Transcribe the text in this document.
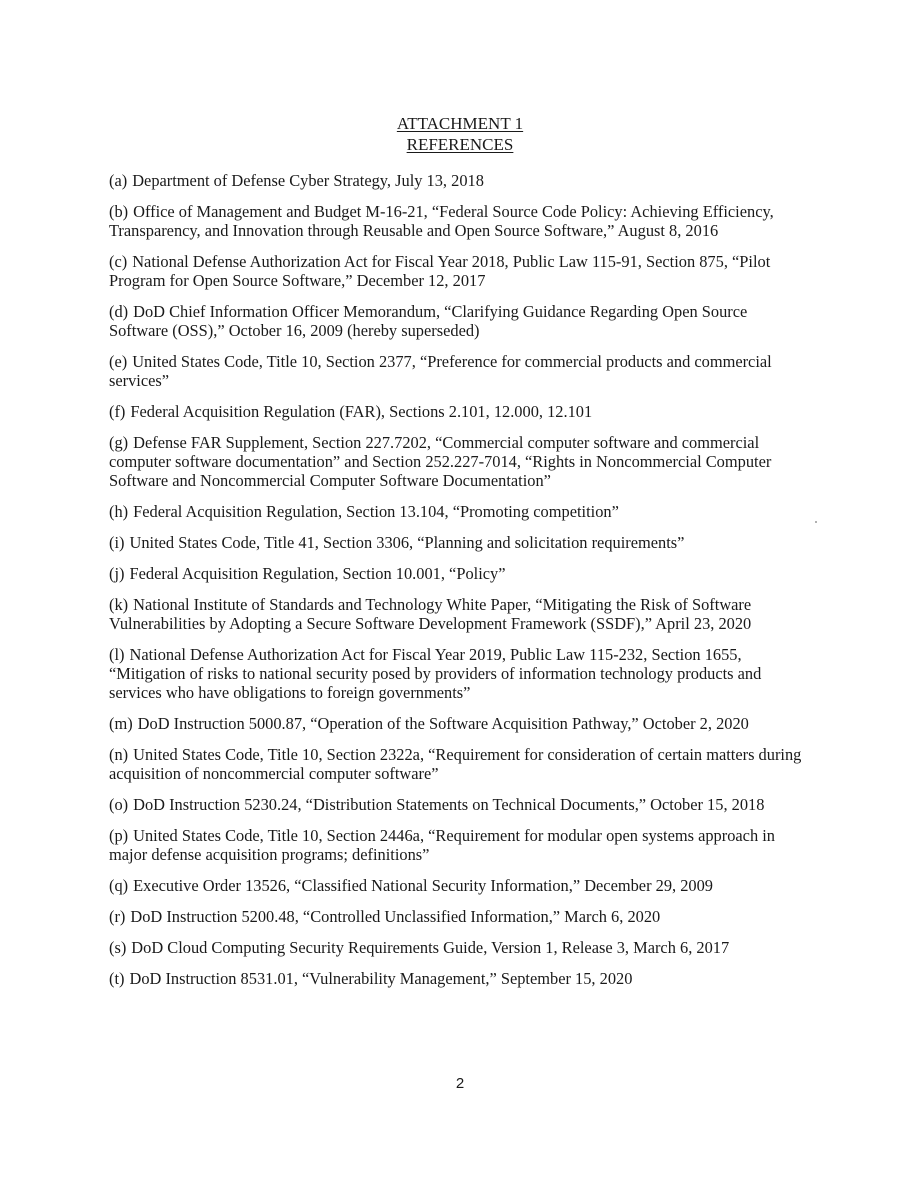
ATTACHMENT 1
REFERENCES

(a) Department of Defense Cyber Strategy, July 13, 2018

(b) Office of Management and Budget M-16-21, “Federal Source Code Policy: Achieving Efficiency, Transparency, and Innovation through Reusable and Open Source Software,” August 8, 2016

(c) National Defense Authorization Act for Fiscal Year 2018, Public Law 115-91, Section 875, “Pilot Program for Open Source Software,” December 12, 2017

(d) DoD Chief Information Officer Memorandum, “Clarifying Guidance Regarding Open Source Software (OSS),” October 16, 2009 (hereby superseded)

(e) United States Code, Title 10, Section 2377, “Preference for commercial products and commercial services”

(f) Federal Acquisition Regulation (FAR), Sections 2.101, 12.000, 12.101

(g) Defense FAR Supplement, Section 227.7202, “Commercial computer software and commercial computer software documentation” and Section 252.227-7014, “Rights in Noncommercial Computer Software and Noncommercial Computer Software Documentation”

(h) Federal Acquisition Regulation, Section 13.104, “Promoting competition”

(i) United States Code, Title 41, Section 3306, “Planning and solicitation requirements”

(j) Federal Acquisition Regulation, Section 10.001, “Policy”

(k) National Institute of Standards and Technology White Paper, “Mitigating the Risk of Software Vulnerabilities by Adopting a Secure Software Development Framework (SSDF),” April 23, 2020

(l) National Defense Authorization Act for Fiscal Year 2019, Public Law 115-232, Section 1655, “Mitigation of risks to national security posed by providers of information technology products and services who have obligations to foreign governments”

(m) DoD Instruction 5000.87, “Operation of the Software Acquisition Pathway,” October 2, 2020

(n) United States Code, Title 10, Section 2322a, “Requirement for consideration of certain matters during acquisition of noncommercial computer software”

(o) DoD Instruction 5230.24, “Distribution Statements on Technical Documents,” October 15, 2018

(p) United States Code, Title 10, Section 2446a, “Requirement for modular open systems approach in major defense acquisition programs; definitions”

(q) Executive Order 13526, “Classified National Security Information,” December 29, 2009

(r) DoD Instruction 5200.48, “Controlled Unclassified Information,” March 6, 2020

(s) DoD Cloud Computing Security Requirements Guide, Version 1, Release 3, March 6, 2017

(t) DoD Instruction 8531.01, “Vulnerability Management,” September 15, 2020

2
